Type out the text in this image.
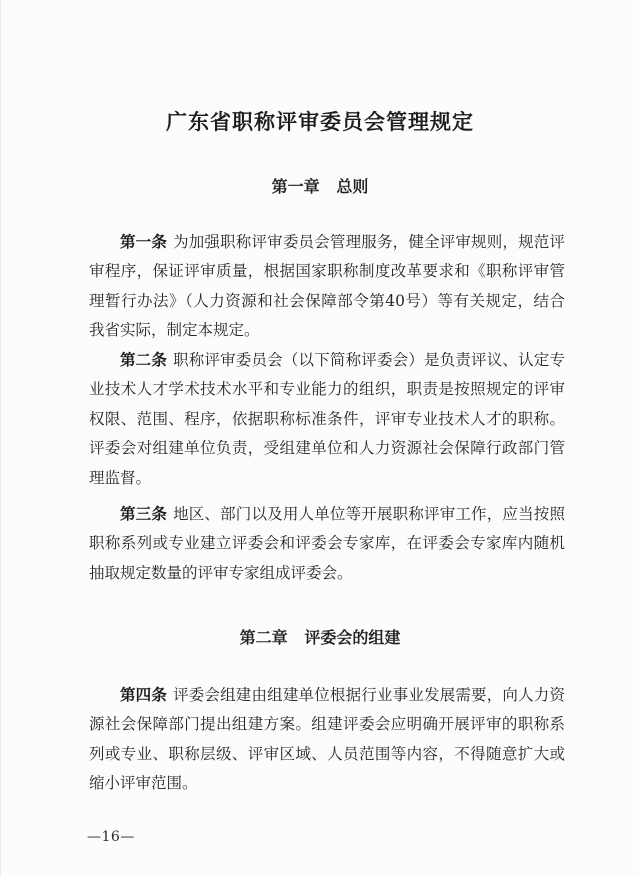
广东省职称评审委员会管理规定
第一章   总则

第一条 为加强职称评审委员会管理服务，健全评审规则，规范评审程序，保证评审质量，根据国家职称制度改革要求和《职称评审管理暂行办法》（人力资源和社会保障部令第40号）等有关规定，结合我省实际，制定本规定。

第二条 职称评审委员会（以下简称评委会）是负责评议、认定专业技术人才学术技术水平和专业能力的组织，职责是按照规定的评审权限、范围、程序，依据职称标准条件，评审专业技术人才的职称。评委会对组建单位负责，受组建单位和人力资源社会保障行政部门管理监督。

第三条 地区、部门以及用人单位等开展职称评审工作，应当按照职称系列或专业建立评委会和评委会专家库，在评委会专家库内随机抽取规定数量的评审专家组成评委会。

第二章   评委会的组建

第四条 评委会组建由组建单位根据行业事业发展需要，向人力资源社会保障部门提出组建方案。组建评委会应明确开展评审的职称系列或专业、职称层级、评审区域、人员范围等内容，不得随意扩大或缩小评审范围。

—16—
